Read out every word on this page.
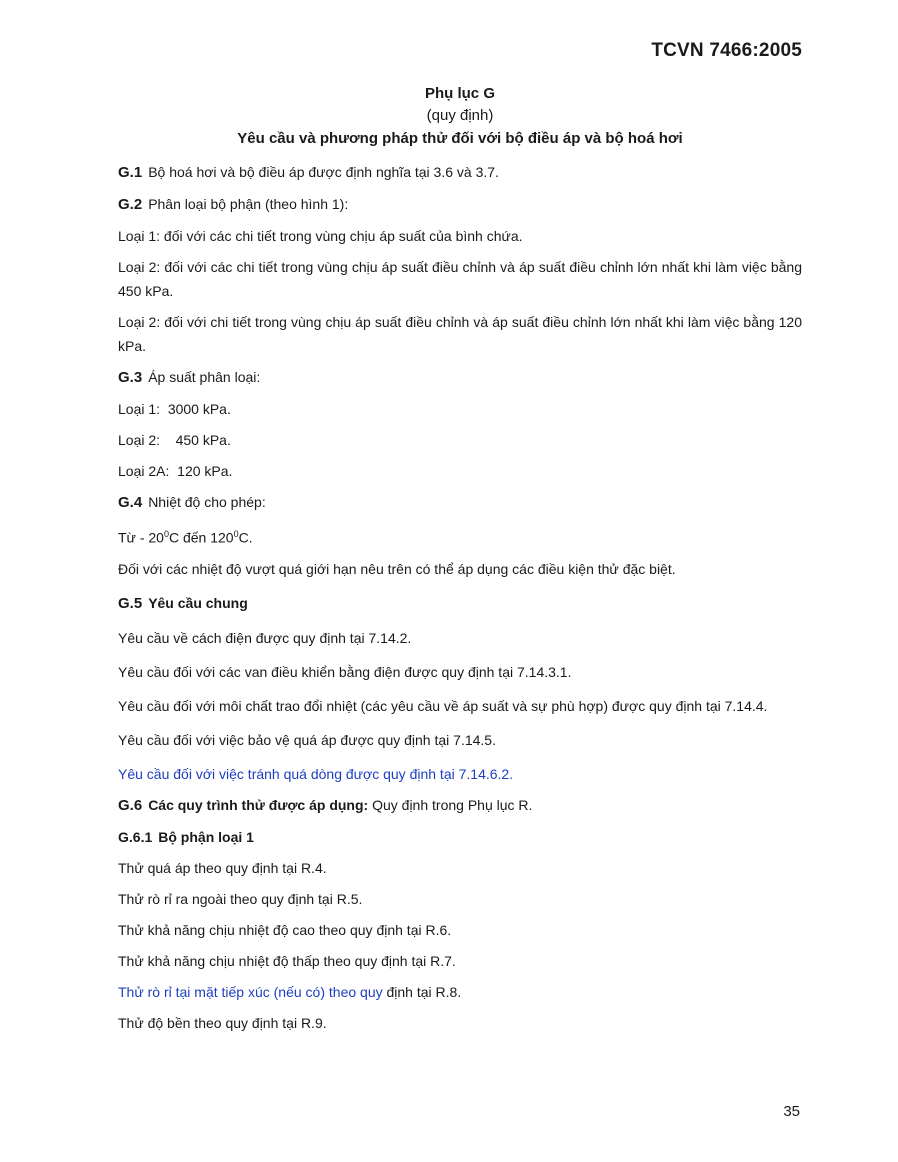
TCVN 7466:2005
Phụ lục G
(quy định)
Yêu cầu và phương pháp thử đối với bộ điều áp và bộ hoá hơi

G.1 Bộ hoá hơi và bộ điều áp được định nghĩa tại 3.6 và 3.7.

G.2 Phân loại bộ phận (theo hình 1):

Loại 1: đối với các chi tiết trong vùng chịu áp suất của bình chứa.

Loại 2: đối với các chi tiết trong vùng chịu áp suất điều chỉnh và áp suất điều chỉnh lớn nhất khi làm việc bằng 450 kPa.

Loại 2: đối với chi tiết trong vùng chịu áp suất điều chỉnh và áp suất điều chỉnh lớn nhất khi làm việc bằng 120 kPa.

G.3 Áp suất phân loại:

Loại 1:  3000 kPa.

Loại 2:    450 kPa.

Loại 2A:  120 kPa.

G.4 Nhiệt độ cho phép:

Từ - $20^0C$ đến $120^0C$.

Đối với các nhiệt độ vượt quá giới hạn nêu trên có thể áp dụng các điều kiện thử đặc biệt.

G.5 Yêu cầu chung

Yêu cầu về cách điện được quy định tại 7.14.2.

Yêu cầu đối với các van điều khiển bằng điện được quy định tại 7.14.3.1.

Yêu cầu đối với môi chất trao đổi nhiệt (các yêu cầu về áp suất và sự phù hợp) được quy định tại 7.14.4.

Yêu cầu đối với việc bảo vệ quá áp được quy định tại 7.14.5.

Yêu cầu đối với việc tránh quá dòng được quy định tại 7.14.6.2.

G.6 Các quy trình thử được áp dụng: Quy định trong Phụ lục R.

G.6.1 Bộ phận loại 1

Thử quá áp theo quy định tại R.4.

Thử rò rỉ ra ngoài theo quy định tại R.5.

Thử khả năng chịu nhiệt độ cao theo quy định tại R.6.

Thử khả năng chịu nhiệt độ thấp theo quy định tại R.7.

Thử rò rỉ tại mặt tiếp xúc (nếu có) theo quy định tại R.8.

Thử độ bền theo quy định tại R.9.

35
